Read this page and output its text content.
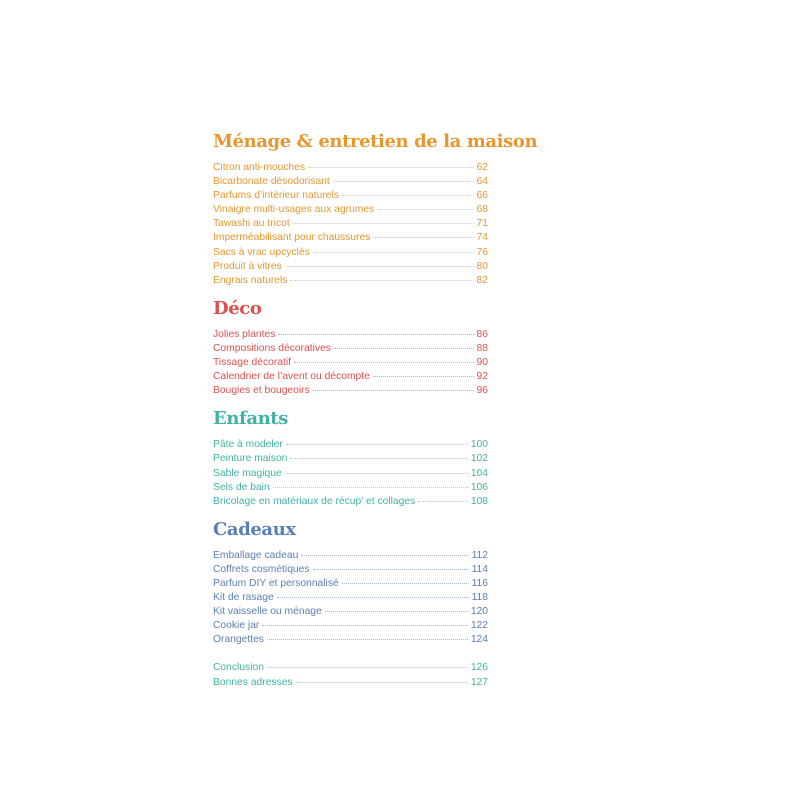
Ménage & entretien de la maison
Citron anti-mouches	62
Bicarbonate désodorisant	64
Parfums d’intérieur naturels	66
Vinaigre multi-usages aux agrumes	68
Tawashi au tricot	71
Imperméabilisant pour chaussures	74
Sacs à vrac upcyclés	76
Produit à vitres	80
Engrais naturels	82
Déco
Jolies plantes	86
Compositions décoratives	88
Tissage décoratif	90
Calendrier de l’avent ou décompte	92
Bougies et bougeoirs	96
Enfants
Pâte à modeler	100
Peinture maison	102
Sable magique	104
Sels de bain	106
Bricolage en matériaux de récup’ et collages	108
Cadeaux
Emballage cadeau	112
Coffrets cosmétiques	114
Parfum DIY et personnalisé	116
Kit de rasage	118
Kit vaisselle ou ménage	120
Cookie jar	122
Orangettes	124
Conclusion	126
Bonnes adresses	127
